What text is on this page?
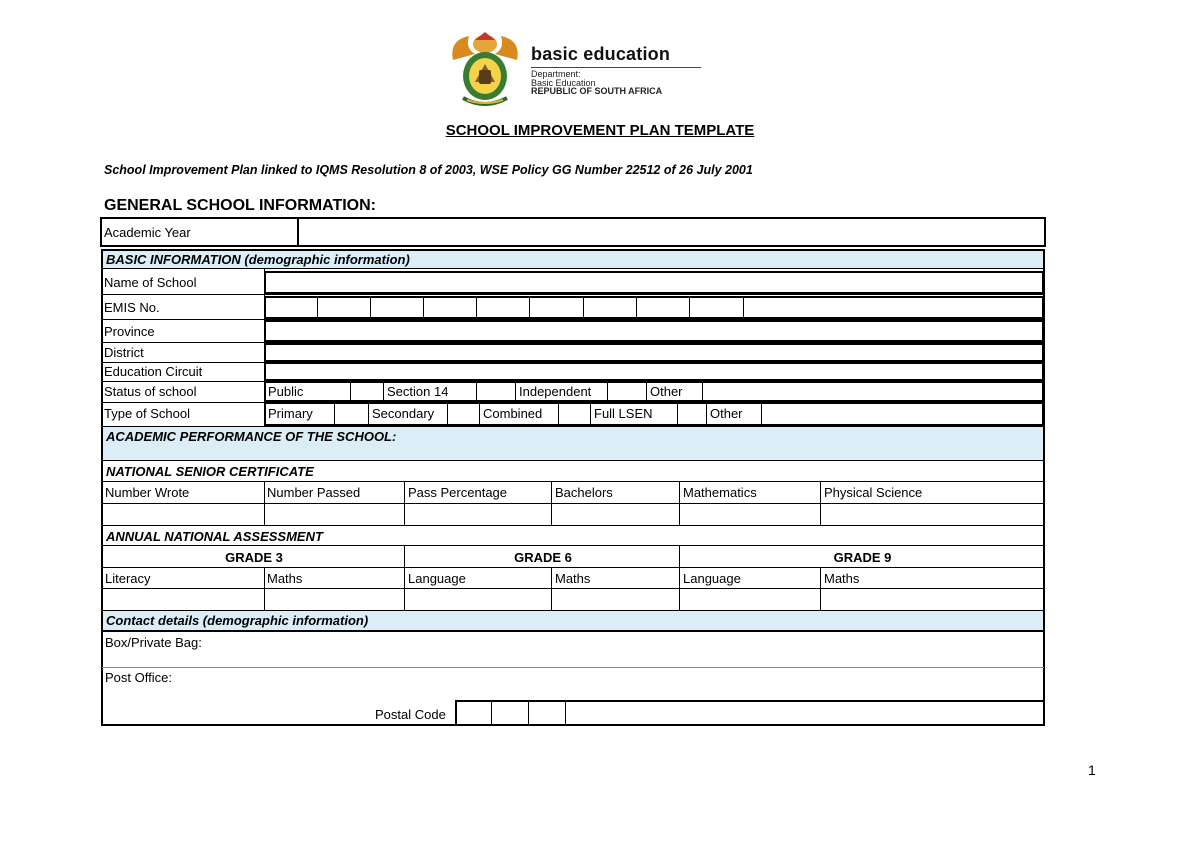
basic education
Department:
Basic Education
REPUBLIC OF SOUTH AFRICA
SCHOOL IMPROVEMENT PLAN TEMPLATE
School Improvement Plan linked to IQMS Resolution 8 of 2003, WSE Policy GG Number 22512 of 26 July 2001
GENERAL SCHOOL INFORMATION:
Academic Year
BASIC INFORMATION (demographic information)
Name of School
EMIS No.
Province
District
Education Circuit
Status of school	Public	Section 14	Independent	Other
Type of School	Primary	Secondary	Combined	Full LSEN	Other
ACADEMIC PERFORMANCE OF THE SCHOOL:
NATIONAL SENIOR CERTIFICATE
Number Wrote	Number Passed	Pass Percentage	Bachelors	Mathematics	Physical Science
ANNUAL NATIONAL ASSESSMENT
GRADE 3	GRADE 6	GRADE 9
Literacy	Maths	Language	Maths	Language	Maths
Contact details (demographic information)
Box/Private Bag:
Post Office:
Postal Code
1
